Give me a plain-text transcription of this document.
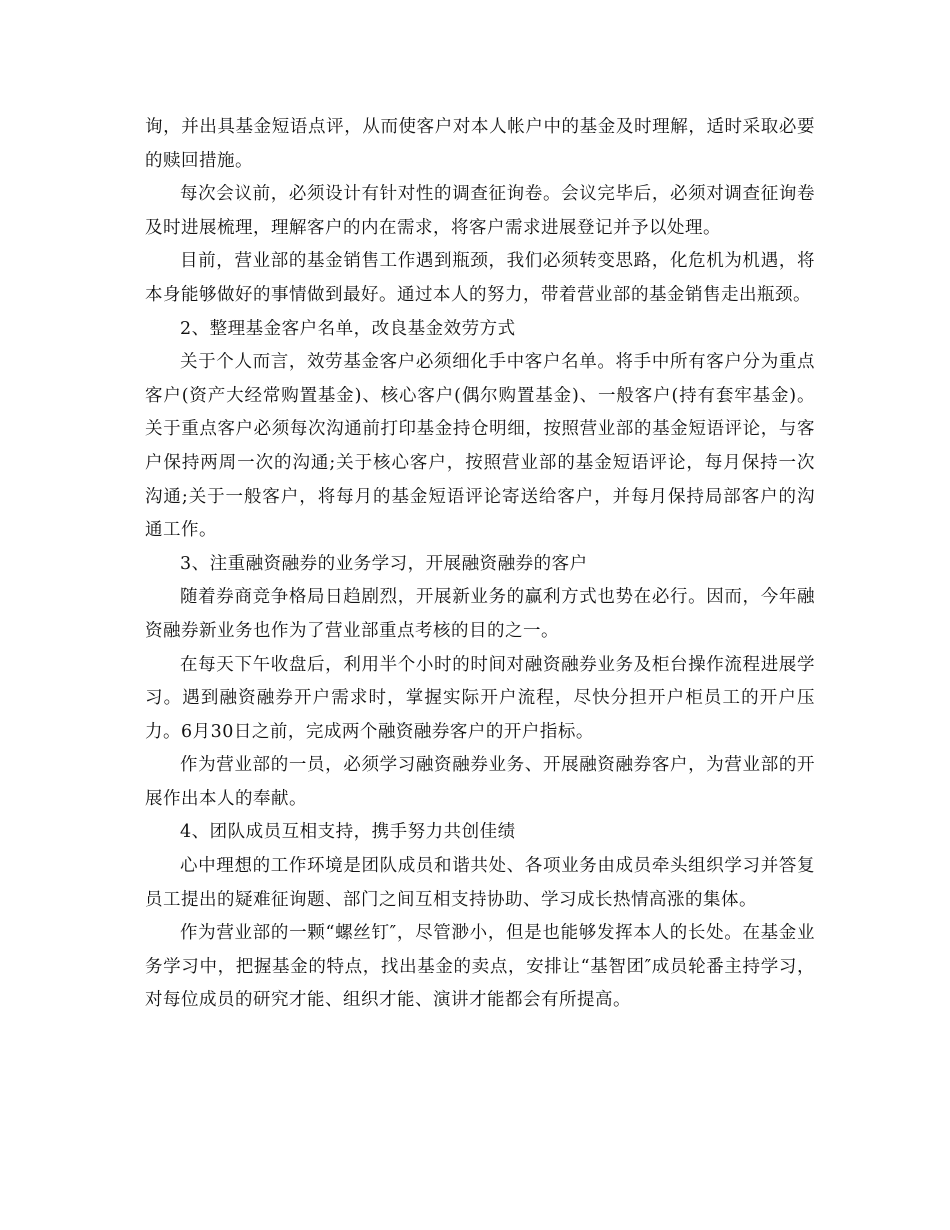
询，并出具基金短语点评，从而使客户对本人帐户中的基金及时理解，适时采取必要的赎回措施。

每次会议前，必须设计有针对性的调查征询卷。会议完毕后，必须对调查征询卷及时进展梳理，理解客户的内在需求，将客户需求进展登记并予以处理。

目前，营业部的基金销售工作遇到瓶颈，我们必须转变思路，化危机为机遇，将本身能够做好的事情做到最好。通过本人的努力，带着营业部的基金销售走出瓶颈。

2、整理基金客户名单，改良基金效劳方式

关于个人而言，效劳基金客户必须细化手中客户名单。将手中所有客户分为重点客户(资产大经常购置基金)、核心客户(偶尔购置基金)、一般客户(持有套牢基金)。关于重点客户必须每次沟通前打印基金持仓明细，按照营业部的基金短语评论，与客户保持两周一次的沟通;关于核心客户，按照营业部的基金短语评论，每月保持一次沟通;关于一般客户，将每月的基金短语评论寄送给客户，并每月保持局部客户的沟通工作。

3、注重融资融券的业务学习，开展融资融券的客户

随着券商竞争格局日趋剧烈，开展新业务的赢利方式也势在必行。因而，今年融资融券新业务也作为了营业部重点考核的目的之一。

在每天下午收盘后，利用半个小时的时间对融资融券业务及柜台操作流程进展学习。遇到融资融券开户需求时，掌握实际开户流程，尽快分担开户柜员工的开户压力。6月30日之前，完成两个融资融券客户的开户指标。

作为营业部的一员，必须学习融资融券业务、开展融资融券客户，为营业部的开展作出本人的奉献。

4、团队成员互相支持，携手努力共创佳绩

心中理想的工作环境是团队成员和谐共处、各项业务由成员牵头组织学习并答复员工提出的疑难征询题、部门之间互相支持协助、学习成长热情高涨的集体。

作为营业部的一颗“螺丝钉″，尽管渺小，但是也能够发挥本人的长处。在基金业务学习中，把握基金的特点，找出基金的卖点，安排让“基智团″成员轮番主持学习，对每位成员的研究才能、组织才能、演讲才能都会有所提高。
